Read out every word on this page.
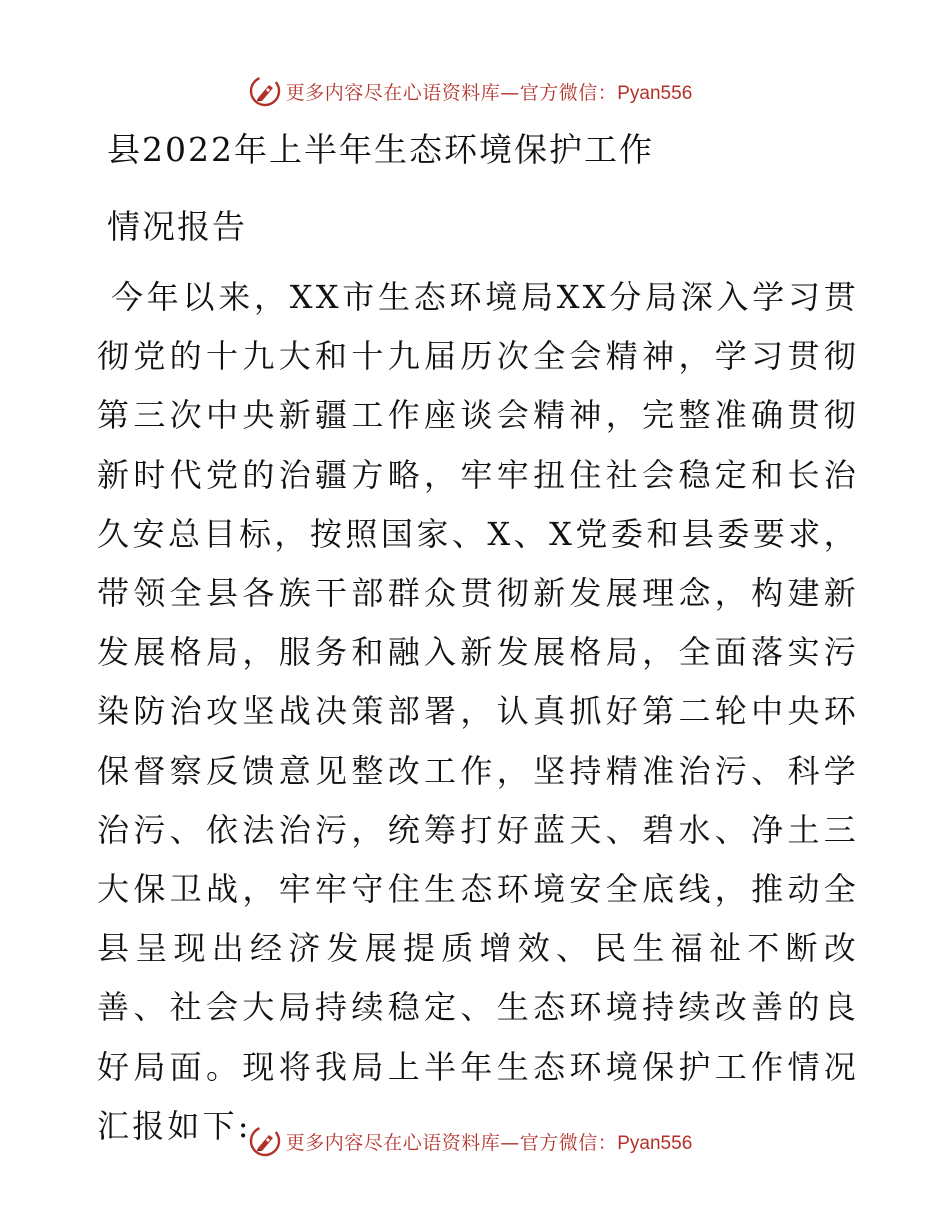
更多内容尽在心语资料库—官方微信：Pyan556
县2022年上半年生态环境保护工作
情况报告

今年以来，XX市生态环境局XX分局深入学习贯彻党的十九大和十九届历次全会精神，学习贯彻第三次中央新疆工作座谈会精神，完整准确贯彻新时代党的治疆方略，牢牢扭住社会稳定和长治久安总目标，按照国家、X、X党委和县委要求，带领全县各族干部群众贯彻新发展理念，构建新发展格局，服务和融入新发展格局，全面落实污染防治攻坚战决策部署，认真抓好第二轮中央环保督察反馈意见整改工作，坚持精准治污、科学治污、依法治污，统筹打好蓝天、碧水、净土三大保卫战，牢牢守住生态环境安全底线，推动全县呈现出经济发展提质增效、民生福祉不断改善、社会大局持续稳定、生态环境持续改善的良好局面。现将我局上半年生态环境保护工作情况汇报如下:	更多内容尽在心语资料库—官方微信：Pyan556
